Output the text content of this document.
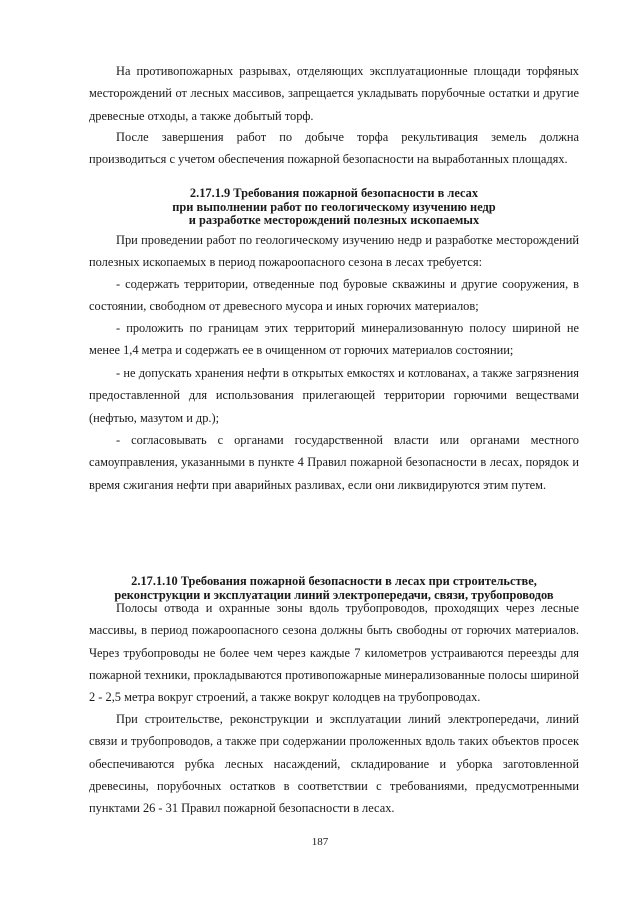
На противопожарных разрывах, отделяющих эксплуатационные площади торфяных месторождений от лесных массивов, запрещается укладывать порубочные остатки и другие древесные отходы, а также добытый торф.

После завершения работ по добыче торфа рекультивация земель должна производиться с учетом обеспечения пожарной безопасности на выработанных площадях.

2.17.1.9 Требования пожарной безопасности в лесах
при выполнении работ по геологическому изучению недр
и разработке месторождений полезных ископаемых

При проведении работ по геологическому изучению недр и разработке месторождений полезных ископаемых в период пожароопасного сезона в лесах требуется:

- содержать территории, отведенные под буровые скважины и другие сооружения, в состоянии, свободном от древесного мусора и иных горючих материалов;

- проложить по границам этих территорий минерализованную полосу шириной не менее 1,4 метра и содержать ее в очищенном от горючих материалов состоянии;

- не допускать хранения нефти в открытых емкостях и котлованах, а также загрязнения предоставленной для использования прилегающей территории горючими веществами (нефтью, мазутом и др.);

- согласовывать с органами государственной власти или органами местного самоуправления, указанными в пункте 4 Правил пожарной безопасности в лесах, порядок и время сжигания нефти при аварийных разливах, если они ликвидируются этим путем.

2.17.1.10 Требования пожарной безопасности в лесах при строительстве,
реконструкции и эксплуатации линий электропередачи, связи, трубопроводов

Полосы отвода и охранные зоны вдоль трубопроводов, проходящих через лесные массивы, в период пожароопасного сезона должны быть свободны от горючих материалов. Через трубопроводы не более чем через каждые 7 километров устраиваются переезды для пожарной техники, прокладываются противопожарные минерализованные полосы шириной 2 - 2,5 метра вокруг строений, а также вокруг колодцев на трубопроводах.

При строительстве, реконструкции и эксплуатации линий электропередачи, линий связи и трубопроводов, а также при содержании проложенных вдоль таких объектов просек обеспечиваются рубка лесных насаждений, складирование и уборка заготовленной древесины, порубочных остатков в соответствии с требованиями, предусмотренными пунктами 26 - 31 Правил пожарной безопасности в лесах.

187
